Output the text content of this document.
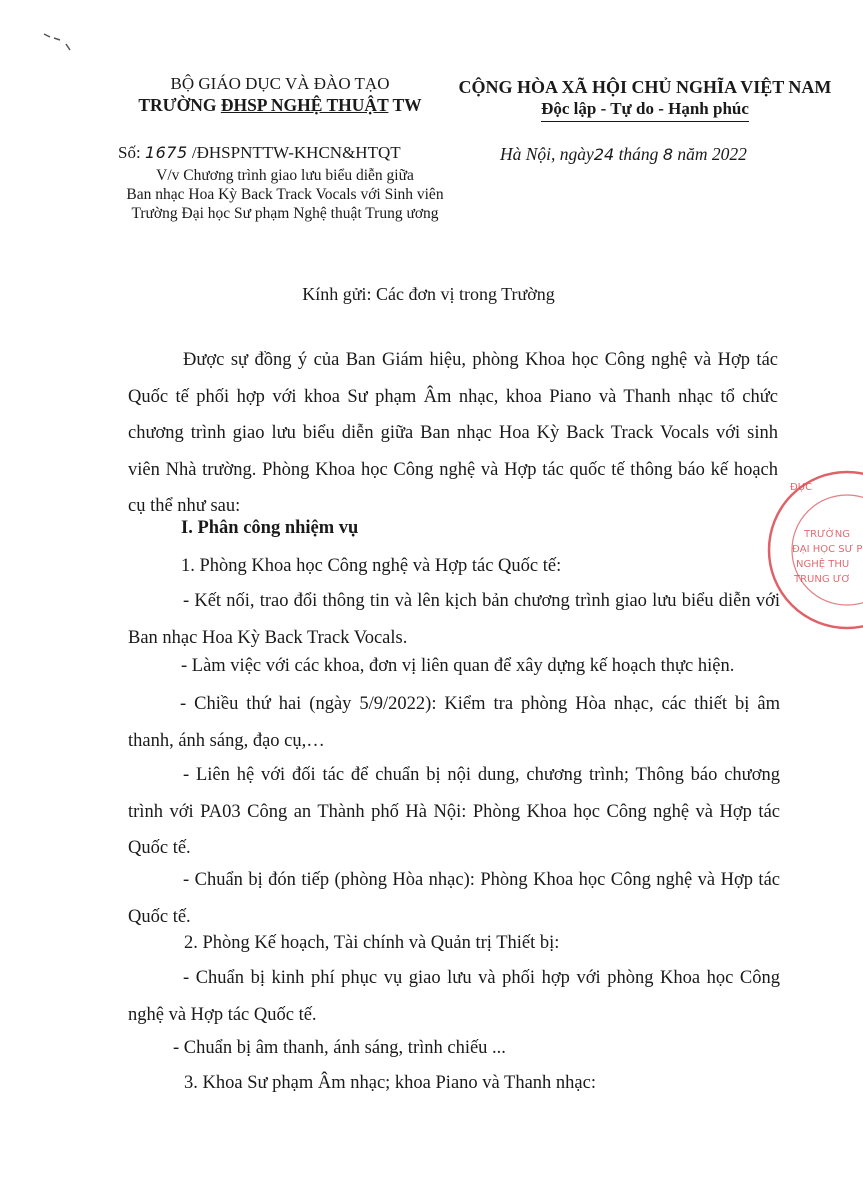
BỘ GIÁO DỤC VÀ ĐÀO TẠO
TRƯỜNG ĐHSP NGHỆ THUẬT TW
Số: 1675 /ĐHSPNTTW-KHCN&HTQT
V/v Chương trình giao lưu biểu diễn giữa
Ban nhạc Hoa Kỳ Back Track Vocals với Sinh viên
Trường Đại học Sư phạm Nghệ thuật Trung ương
CỘNG HÒA XÃ HỘI CHỦ NGHĨA VIỆT NAM
Độc lập - Tự do - Hạnh phúc
Hà Nội, ngày24 tháng 8 năm 2022
Kính gửi: Các đơn vị trong Trường
Được sự đồng ý của Ban Giám hiệu, phòng Khoa học Công nghệ và Hợp tác Quốc tế phối hợp với khoa Sư phạm Âm nhạc, khoa Piano và Thanh nhạc tổ chức chương trình giao lưu biểu diễn giữa Ban nhạc Hoa Kỳ Back Track Vocals với sinh viên Nhà trường. Phòng Khoa học Công nghệ và Hợp tác quốc tế thông báo kế hoạch cụ thể như sau:
I. Phân công nhiệm vụ
1. Phòng Khoa học Công nghệ và Hợp tác Quốc tế:
- Kết nối, trao đổi thông tin và lên kịch bản chương trình giao lưu biểu diễn với Ban nhạc Hoa Kỳ Back Track Vocals.
- Làm việc với các khoa, đơn vị liên quan để xây dựng kế hoạch thực hiện.
- Chiều thứ hai (ngày 5/9/2022): Kiểm tra phòng Hòa nhạc, các thiết bị âm thanh, ánh sáng, đạo cụ,…
- Liên hệ với đối tác để chuẩn bị nội dung, chương trình; Thông báo chương trình với PA03 Công an Thành phố Hà Nội: Phòng Khoa học Công nghệ và Hợp tác Quốc tế.
- Chuẩn bị đón tiếp (phòng Hòa nhạc): Phòng Khoa học Công nghệ và Hợp tác Quốc tế.
2. Phòng Kế hoạch, Tài chính và Quản trị Thiết bị:
- Chuẩn bị kinh phí phục vụ giao lưu và phối hợp với phòng Khoa học Công nghệ và Hợp tác Quốc tế.
- Chuẩn bị âm thanh, ánh sáng, trình chiếu ...
3. Khoa Sư phạm Âm nhạc; khoa Piano và Thanh nhạc:
ĐỤC
TRƯỜNG
ĐẠI HỌC SƯ P
NGHỆ THU
TRUNG ƯƠ
